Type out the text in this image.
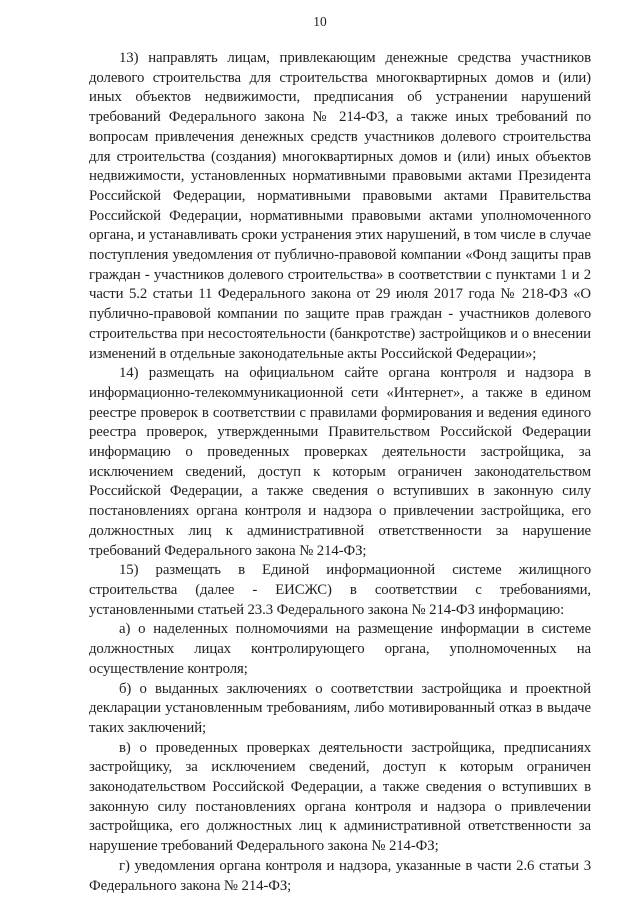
10

13) направлять лицам, привлекающим денежные средства участников долевого строительства для строительства многоквартирных домов и (или) иных объектов недвижимости, предписания об устранении нарушений требований Федерального закона № 214-ФЗ, а также иных требований по вопросам привлечения денежных средств участников долевого строительства для строительства (создания) многоквартирных домов и (или) иных объектов недвижимости, установленных нормативными правовыми актами Президента Российской Федерации, нормативными правовыми актами Правительства Российской Федерации, нормативными правовыми актами уполномоченного органа, и устанавливать сроки устранения этих нарушений, в том числе в случае поступления уведомления от публично-правовой компании «Фонд защиты прав граждан - участников долевого строительства» в соответствии с пунктами 1 и 2 части 5.2 статьи 11 Федерального закона от 29 июля 2017 года № 218-ФЗ «О публично-правовой компании по защите прав граждан - участников долевого строительства при несостоятельности (банкротстве) застройщиков и о внесении изменений в отдельные законодательные акты Российской Федерации»;

14) размещать на официальном сайте органа контроля и надзора в информационно-телекоммуникационной сети «Интернет», а также в едином реестре проверок в соответствии с правилами формирования и ведения единого реестра проверок, утвержденными Правительством Российской Федерации информацию о проведенных проверках деятельности застройщика, за исключением сведений, доступ к которым ограничен законодательством Российской Федерации, а также сведения о вступивших в законную силу постановлениях органа контроля и надзора о привлечении застройщика, его должностных лиц к административной ответственности за нарушение требований Федерального закона № 214-ФЗ;

15) размещать в Единой информационной системе жилищного строительства (далее - ЕИСЖС) в соответствии с требованиями, установленными статьей 23.3 Федерального закона № 214-ФЗ информацию:

а) о наделенных полномочиями на размещение информации в системе должностных лицах контролирующего органа, уполномоченных на осуществление контроля;

б) о выданных заключениях о соответствии застройщика и проектной декларации установленным требованиям, либо мотивированный отказ в выдаче таких заключений;

в) о проведенных проверках деятельности застройщика, предписаниях застройщику, за исключением сведений, доступ к которым ограничен законодательством Российской Федерации, а также сведения о вступивших в законную силу постановлениях органа контроля и надзора о привлечении застройщика, его должностных лиц к административной ответственности за нарушение требований Федерального закона № 214-ФЗ;

г) уведомления органа контроля и надзора, указанные в части 2.6 статьи 3 Федерального закона № 214-ФЗ;
